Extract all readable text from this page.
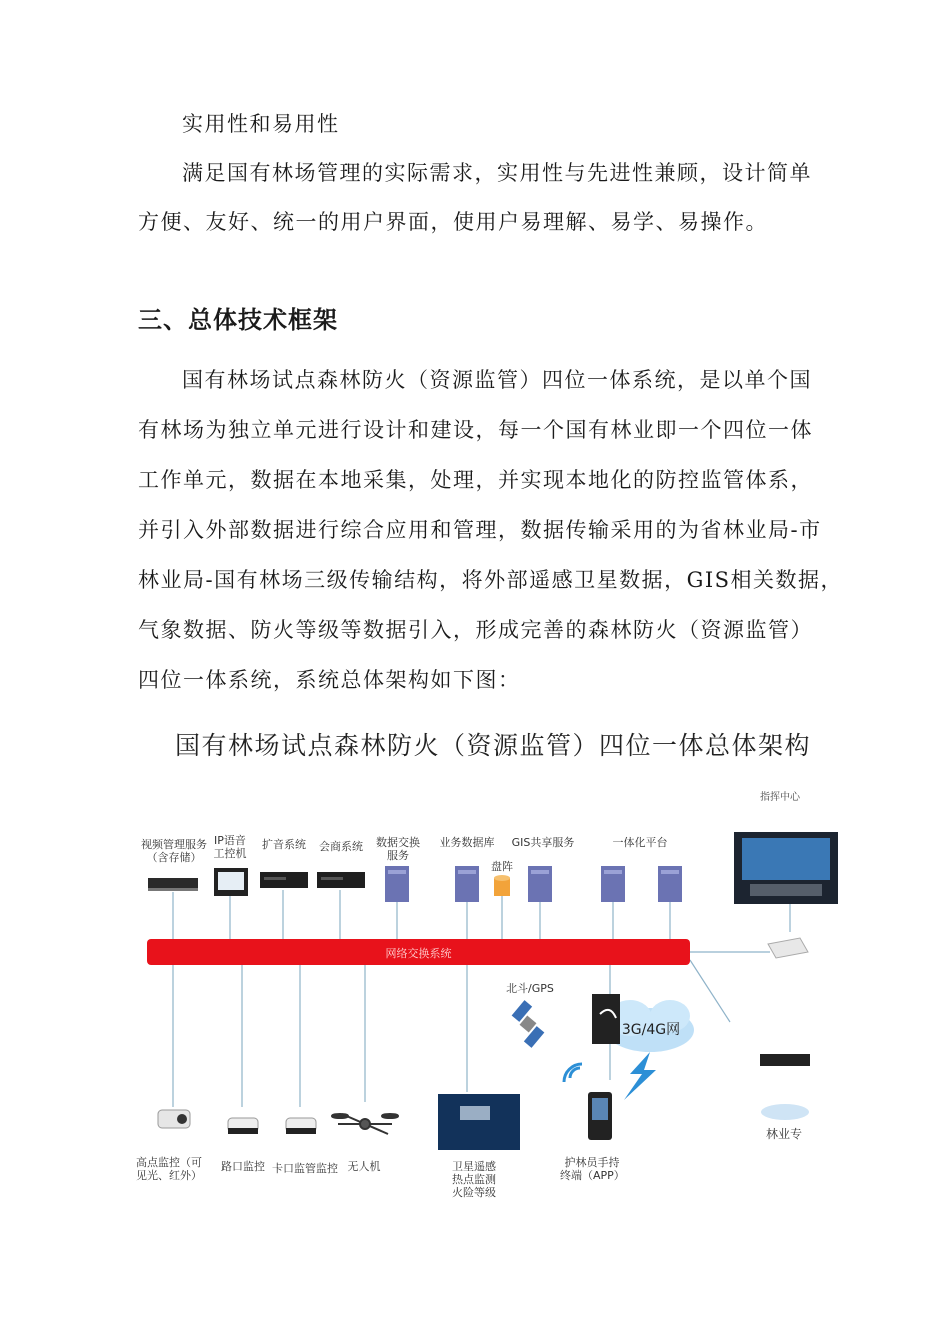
实用性和易用性
满足国有林场管理的实际需求，实用性与先进性兼顾，设计简单
方便、友好、统一的用户界面，使用户易理解、易学、易操作。
三、总体技术框架
国有林场试点森林防火（资源监管）四位一体系统，是以单个国
有林场为独立单元进行设计和建设，每一个国有林业即一个四位一体
工作单元，数据在本地采集，处理，并实现本地化的防控监管体系，
并引入外部数据进行综合应用和管理，数据传输采用的为省林业局-市
林业局-国有林场三级传输结构，将外部遥感卫星数据，GIS相关数据，
气象数据、防火等级等数据引入，形成完善的森林防火（资源监管）
四位一体系统，系统总体架构如下图：
国有林场试点森林防火（资源监管）四位一体总体架构
视频管理服务
（含存储）
IP语音
工控机
扩音系统	会商系统	数据交换
服务
业务数据库
盘阵
GIS共享服务	一体化平台
指挥中心
网络交换系统
北斗/GPS
3G/4G网
高点监控（可
见光、红外）
路口监控 卡口监管监控 无人机	卫星遥感
热点监测
火险等级
护林员手持
终端（APP）
林业专
